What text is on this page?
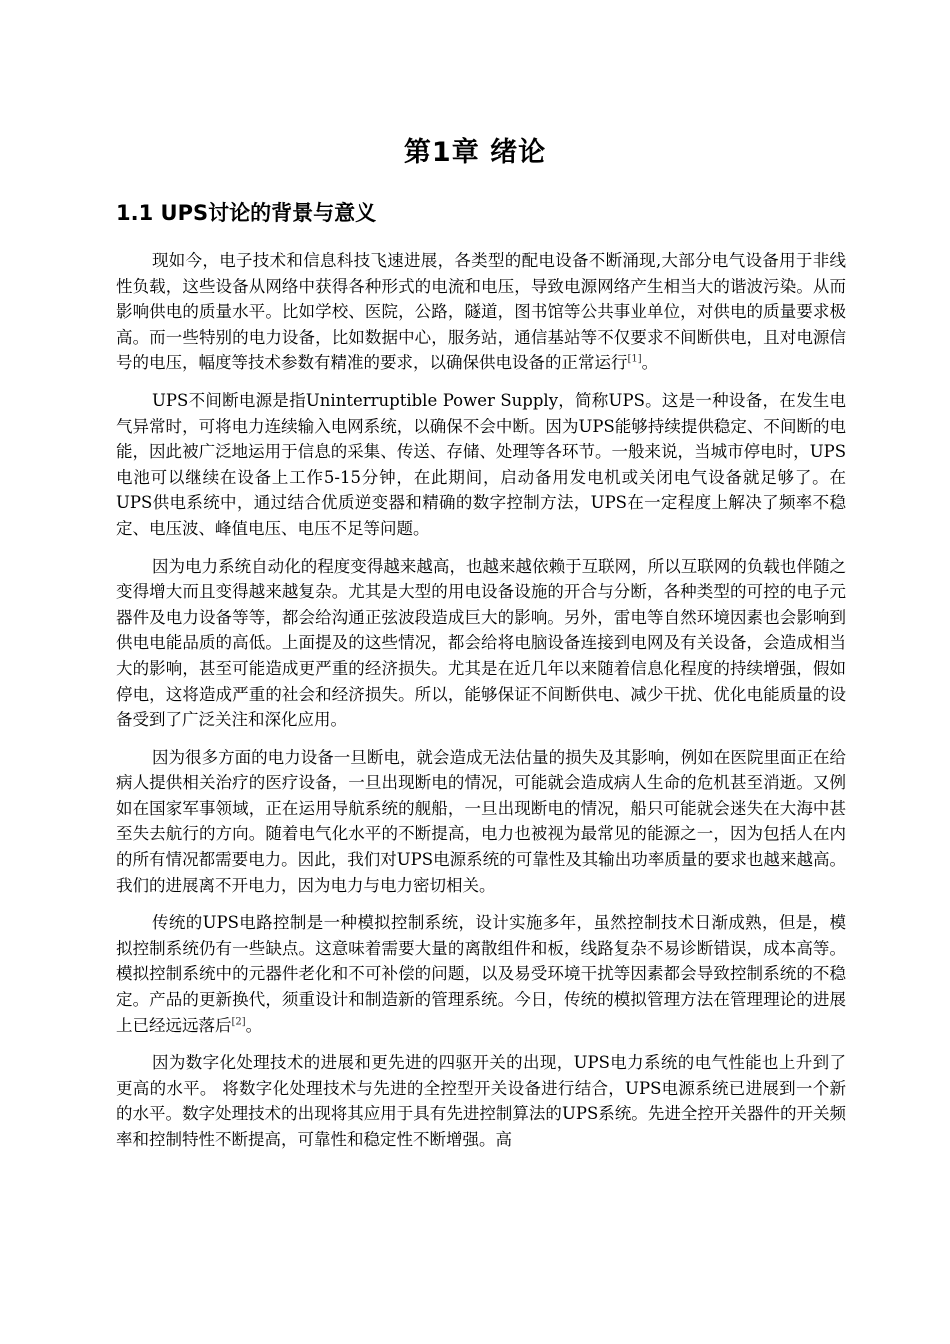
第1章 绪论
1.1 UPS讨论的背景与意义

现如今，电子技术和信息科技飞速进展，各类型的配电设备不断涌现,大部分电气设备用于非线性负载，这些设备从网络中获得各种形式的电流和电压，导致电源网络产生相当大的谐波污染。从而影响供电的质量水平。比如学校、医院，公路，隧道，图书馆等公共事业单位，对供电的质量要求极高。而一些特别的电力设备，比如数据中心，服务站，通信基站等不仅要求不间断供电，且对电源信号的电压，幅度等技术参数有精准的要求，以确保供电设备的正常运行[1]。

UPS不间断电源是指Uninterruptible Power Supply，简称UPS。这是一种设备，在发生电气异常时，可将电力连续输入电网系统，以确保不会中断。因为UPS能够持续提供稳定、不间断的电能，因此被广泛地运用于信息的采集、传送、存储、处理等各环节。一般来说，当城市停电时，UPS电池可以继续在设备上工作5-15分钟，在此期间，启动备用发电机或关闭电气设备就足够了。在UPS供电系统中，通过结合优质逆变器和精确的数字控制方法，UPS在一定程度上解决了频率不稳定、电压波、峰值电压、电压不足等问题。

因为电力系统自动化的程度变得越来越高，也越来越依赖于互联网，所以互联网的负载也伴随之变得增大而且变得越来越复杂。尤其是大型的用电设备设施的开合与分断，各种类型的可控的电子元器件及电力设备等等，都会给沟通正弦波段造成巨大的影响。另外，雷电等自然环境因素也会影响到供电电能品质的高低。上面提及的这些情况，都会给将电脑设备连接到电网及有关设备，会造成相当大的影响，甚至可能造成更严重的经济损失。尤其是在近几年以来随着信息化程度的持续增强，假如停电，这将造成严重的社会和经济损失。所以，能够保证不间断供电、减少干扰、优化电能质量的设备受到了广泛关注和深化应用。

因为很多方面的电力设备一旦断电，就会造成无法估量的损失及其影响，例如在医院里面正在给病人提供相关治疗的医疗设备，一旦出现断电的情况，可能就会造成病人生命的危机甚至消逝。又例如在国家军事领域，正在运用导航系统的舰船，一旦出现断电的情况，船只可能就会迷失在大海中甚至失去航行的方向。随着电气化水平的不断提高，电力也被视为最常见的能源之一，因为包括人在内的所有情况都需要电力。因此，我们对UPS电源系统的可靠性及其输出功率质量的要求也越来越高。我们的进展离不开电力，因为电力与电力密切相关。

传统的UPS电路控制是一种模拟控制系统，设计实施多年，虽然控制技术日渐成熟，但是，模拟控制系统仍有一些缺点。这意味着需要大量的离散组件和板，线路复杂不易诊断错误，成本高等。模拟控制系统中的元器件老化和不可补偿的问题，以及易受环境干扰等因素都会导致控制系统的不稳定。产品的更新换代，须重设计和制造新的管理系统。今日，传统的模拟管理方法在管理理论的进展上已经远远落后[2]。

因为数字化处理技术的进展和更先进的四驱开关的出现，UPS电力系统的电气性能也上升到了更高的水平。 将数字化处理技术与先进的全控型开关设备进行结合，UPS电源系统已进展到一个新的水平。数字处理技术的出现将其应用于具有先进控制算法的UPS系统。先进全控开关器件的开关频率和控制特性不断提高，可靠性和稳定性不断增强。高
